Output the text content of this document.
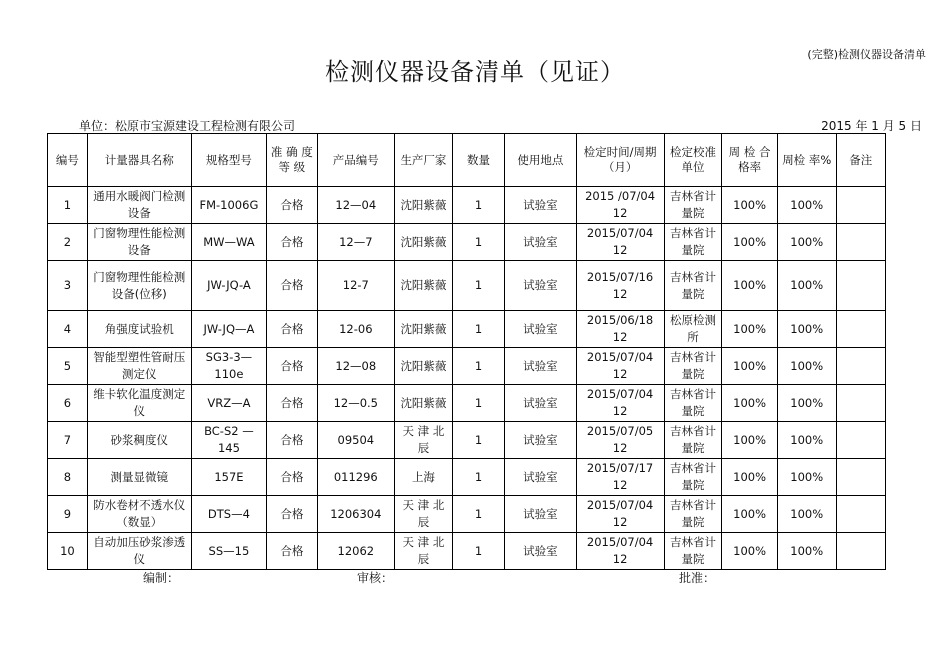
(完整)检测仪器设备清单
检测仪器设备清单（见证）
单位：松原市宝源建设工程检测有限公司	2015 年 1 月 5 日
编号	计量器具名称	规格型号	准 确 度 等 级	产品编号	生产厂家	数量	使用地点	检定时间/周期（月）	检定校准单位	周 检 合格率	周检 率%	备注
1	通用水暖阀门检测设备	FM-1006G	合格	12—04	沈阳紫薇	1	试验室	2015 /07/04 12	吉林省计量院	100%	100%	
2	门窗物理性能检测设备	MW—WA	合格	12—7	沈阳紫薇	1	试验室	2015/07/04 12	吉林省计量院	100%	100%	
3	门窗物理性能检测设备(位移)	JW-JQ-A	合格	12-7	沈阳紫薇	1	试验室	2015/07/16 12	吉林省计量院	100%	100%	
4	角强度试验机	JW-JQ—A	合格	12-06	沈阳紫薇	1	试验室	2015/06/18 12	松原检测所	100%	100%	
5	智能型塑性管耐压测定仪	SG3-3—110e	合格	12—08	沈阳紫薇	1	试验室	2015/07/04 12	吉林省计量院	100%	100%	
6	维卡软化温度测定仪	VRZ—A	合格	12—0.5	沈阳紫薇	1	试验室	2015/07/04 12	吉林省计量院	100%	100%	
7	砂浆稠度仪	BC-S2 — 145	合格	09504	天 津 北 辰	1	试验室	2015/07/05 12	吉林省计量院	100%	100%	
8	测量显微镜	157E	合格	011296	上海	1	试验室	2015/07/17 12	吉林省计量院	100%	100%	
9	防水卷材不透水仪（数显）	DTS—4	合格	1206304	天 津 北 辰	1	试验室	2015/07/04 12	吉林省计量院	100%	100%	
10	自动加压砂浆渗透仪	SS—15	合格	12062	天 津 北 辰	1	试验室	2015/07/04 12	吉林省计量院	100%	100%	
编制：	审核：	批准：
